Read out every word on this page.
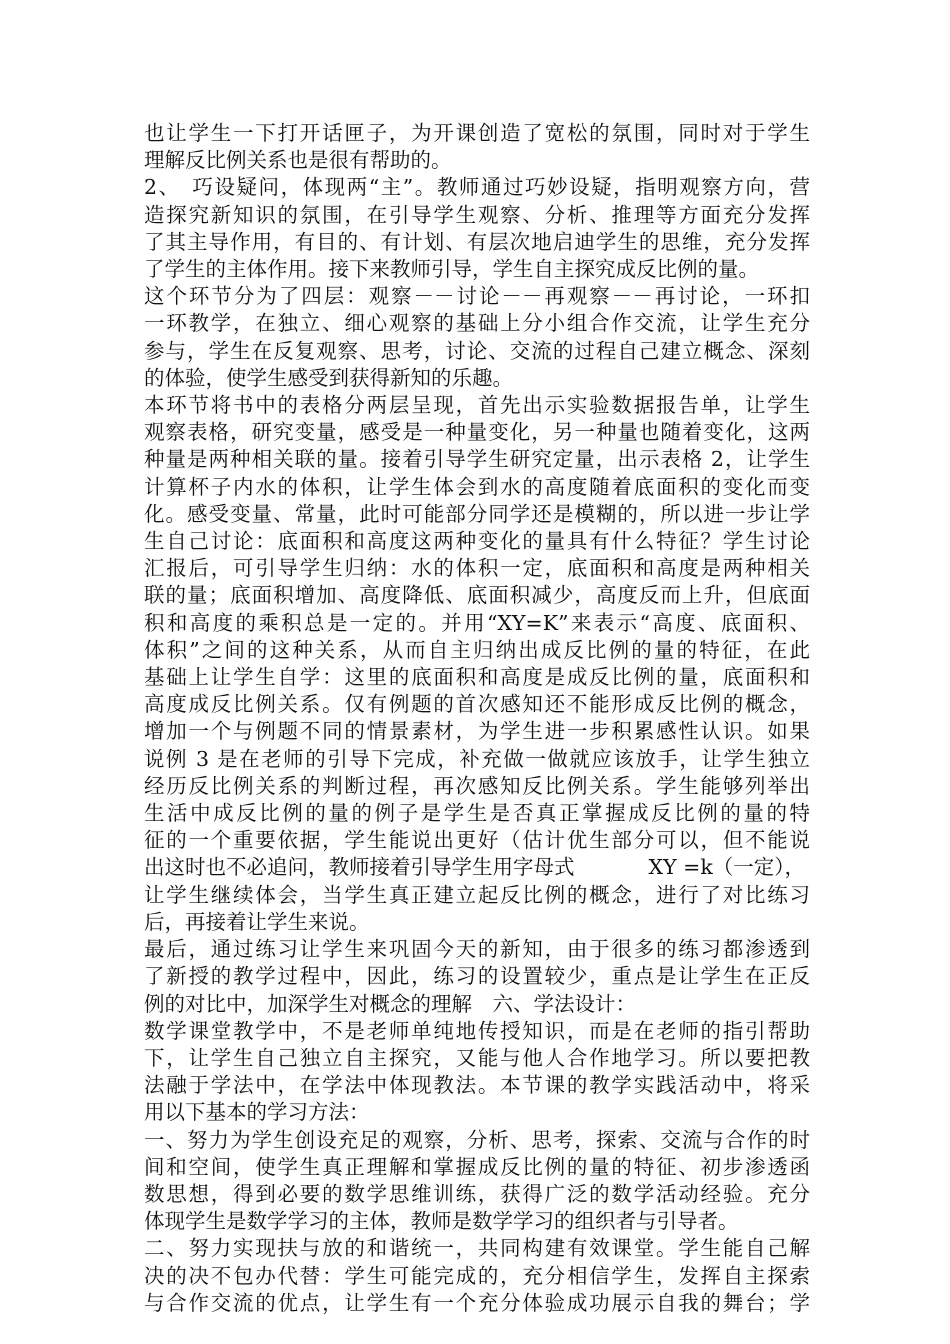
也让学生一下打开话匣子，为开课创造了宽松的氛围，同时对于学生

理解反比例关系也是很有帮助的。

2、　巧设疑问，体现两“主”。教师通过巧妙设疑，指明观察方向，营

造探究新知识的氛围，在引导学生观察、分析、推理等方面充分发挥

了其主导作用，有目的、有计划、有层次地启迪学生的思维，充分发挥

了学生的主体作用。接下来教师引导，学生自主探究成反比例的量。

这个环节分为了四层：观察－－讨论－－再观察－－再讨论，一环扣

一环教学，在独立、细心观察的基础上分小组合作交流，让学生充分

参与，学生在反复观察、思考，讨论、交流的过程自己建立概念、深刻

的体验，使学生感受到获得新知的乐趣。

本环节将书中的表格分两层呈现，首先出示实验数据报告单，让学生

观察表格，研究变量，感受是一种量变化，另一种量也随着变化，这两

种量是两种相关联的量。接着引导学生研究定量，出示表格 2，让学生

计算杯子内水的体积，让学生体会到水的高度随着底面积的变化而变

化。感受变量、常量，此时可能部分同学还是模糊的，所以进一步让学

生自己讨论：底面积和高度这两种变化的量具有什么特征？学生讨论

汇报后，可引导学生归纳：水的体积一定，底面积和高度是两种相关

联的量；底面积增加、高度降低、底面积减少，高度反而上升，但底面

积和高度的乘积总是一定的。并用“XY=K”来表示“高度、底面积、

体积”之间的这种关系，从而自主归纳出成反比例的量的特征，在此

基础上让学生自学：这里的底面积和高度是成反比例的量，底面积和

高度成反比例关系。仅有例题的首次感知还不能形成反比例的概念，

增加一个与例题不同的情景素材，为学生进一步积累感性认识。如果

说例 3 是在老师的引导下完成，补充做一做就应该放手，让学生独立

经历反比例关系的判断过程，再次感知反比例关系。学生能够列举出

生活中成反比例的量的例子是学生是否真正掌握成反比例的量的特

征的一个重要依据，学生能说出更好（估计优生部分可以，但不能说

出这时也不必追问，教师接着引导学生用字母式	XY =k（一定），

让学生继续体会，当学生真正建立起反比例的概念，进行了对比练习

后，再接着让学生来说。

最后，通过练习让学生来巩固今天的新知，由于很多的练习都渗透到

了新授的教学过程中，因此，练习的设置较少，重点是让学生在正反

例的对比中，加深学生对概念的理解　六、学法设计：

数学课堂教学中，不是老师单纯地传授知识，而是在老师的指引帮助

下，让学生自己独立自主探究，又能与他人合作地学习。所以要把教

法融于学法中，在学法中体现教法。本节课的教学实践活动中，将采

用以下基本的学习方法：

一、努力为学生创设充足的观察，分析、思考，探索、交流与合作的时

间和空间，使学生真正理解和掌握成反比例的量的特征、初步渗透函

数思想，得到必要的数学思维训练，获得广泛的数学活动经验。充分

体现学生是数学学习的主体，教师是数学学习的组织者与引导者。

二、努力实现扶与放的和谐统一，共同构建有效课堂。学生能自己解

决的决不包办代替：学生可能完成的，充分相信学生，发挥自主探索

与合作交流的优点，让学生有一个充分体验成功展示自我的舞台；学
